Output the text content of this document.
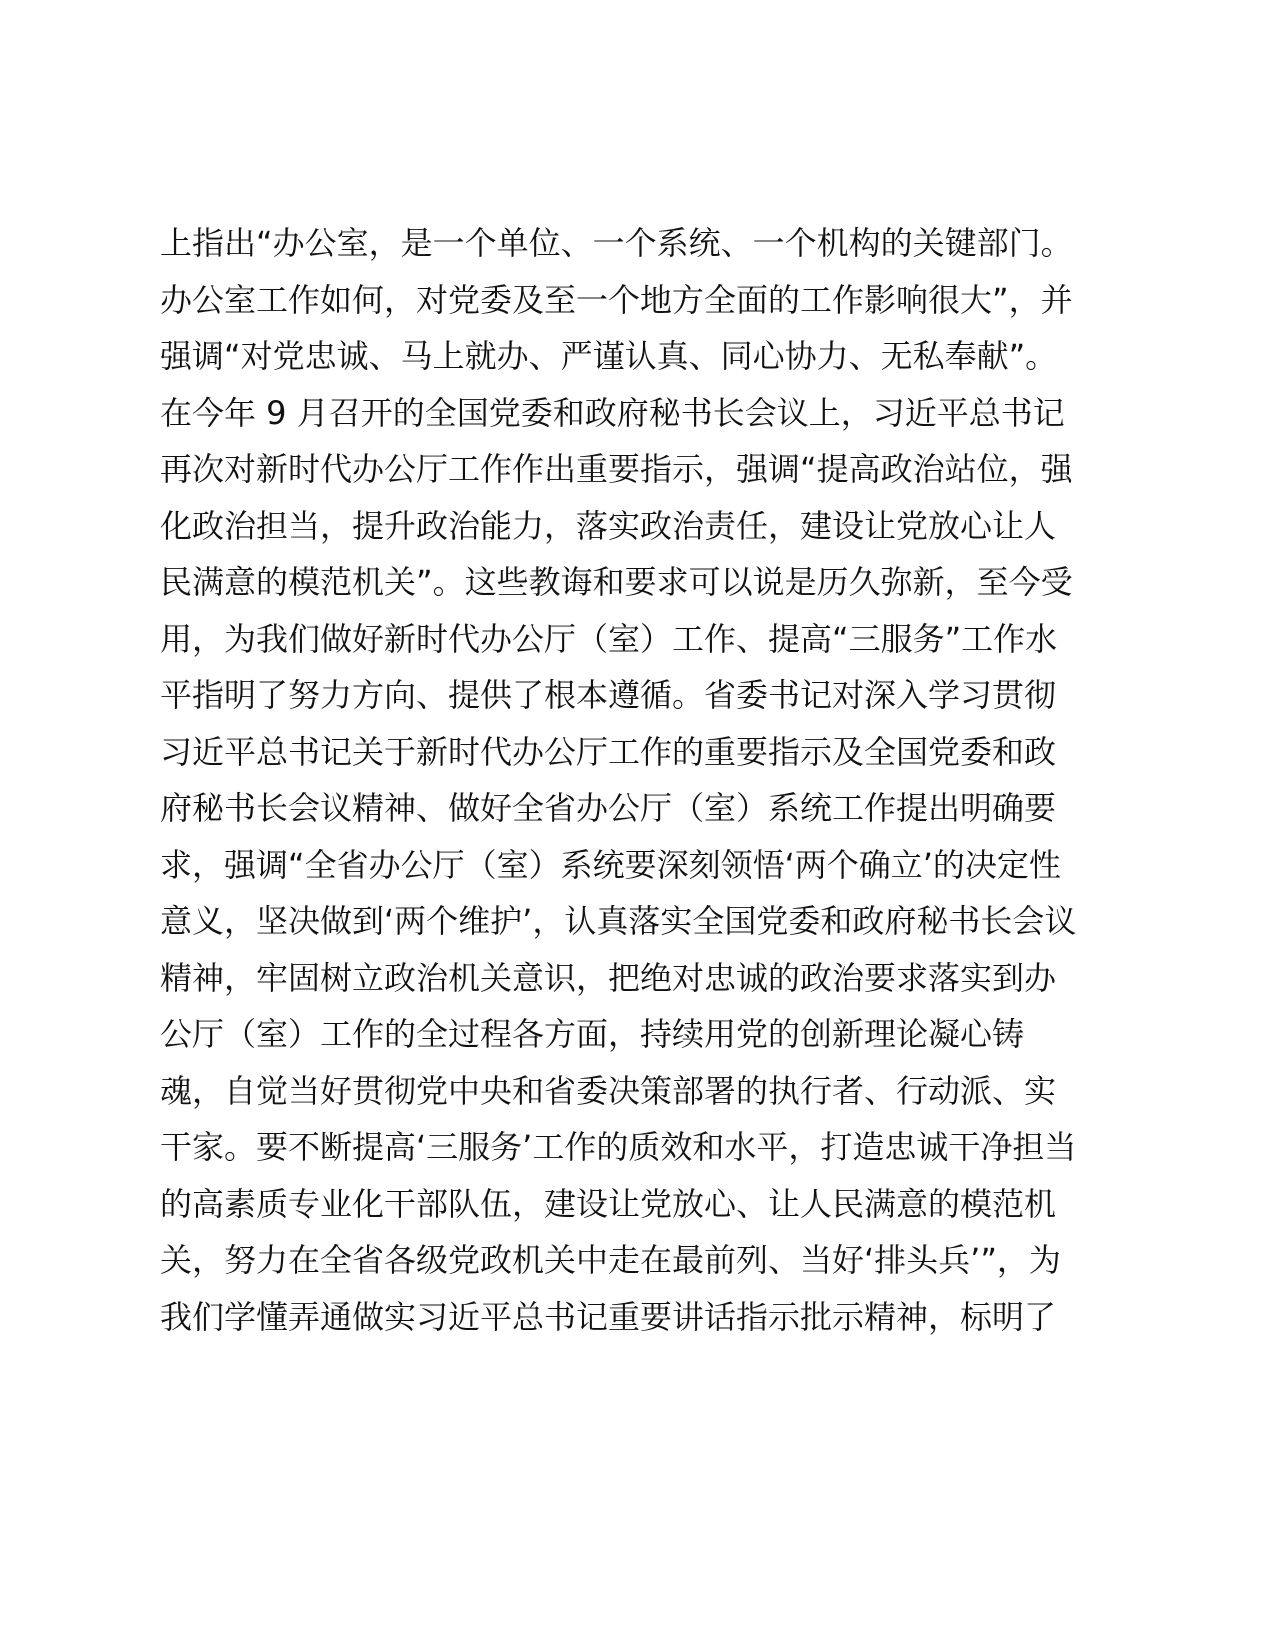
上指出“办公室，是一个单位、一个系统、一个机构的关键部门。
办公室工作如何，对党委及至一个地方全面的工作影响很大”，并
强调“对党忠诚、马上就办、严谨认真、同心协力、无私奉献”。
在今年 9 月召开的全国党委和政府秘书长会议上，习近平总书记
再次对新时代办公厅工作作出重要指示，强调“提高政治站位，强
化政治担当，提升政治能力，落实政治责任，建设让党放心让人
民满意的模范机关”。这些教诲和要求可以说是历久弥新，至今受
用，为我们做好新时代办公厅（室）工作、提高“三服务”工作水
平指明了努力方向、提供了根本遵循。省委书记对深入学习贯彻
习近平总书记关于新时代办公厅工作的重要指示及全国党委和政
府秘书长会议精神、做好全省办公厅（室）系统工作提出明确要
求，强调“全省办公厅（室）系统要深刻领悟‘两个确立’的决定性
意义，坚决做到‘两个维护’，认真落实全国党委和政府秘书长会议
精神，牢固树立政治机关意识，把绝对忠诚的政治要求落实到办
公厅（室）工作的全过程各方面，持续用党的创新理论凝心铸
魂，自觉当好贯彻党中央和省委决策部署的执行者、行动派、实
干家。要不断提高‘三服务’工作的质效和水平，打造忠诚干净担当
的高素质专业化干部队伍，建设让党放心、让人民满意的模范机
关，努力在全省各级党政机关中走在最前列、当好‘排头兵’”，为
我们学懂弄通做实习近平总书记重要讲话指示批示精神，标明了
